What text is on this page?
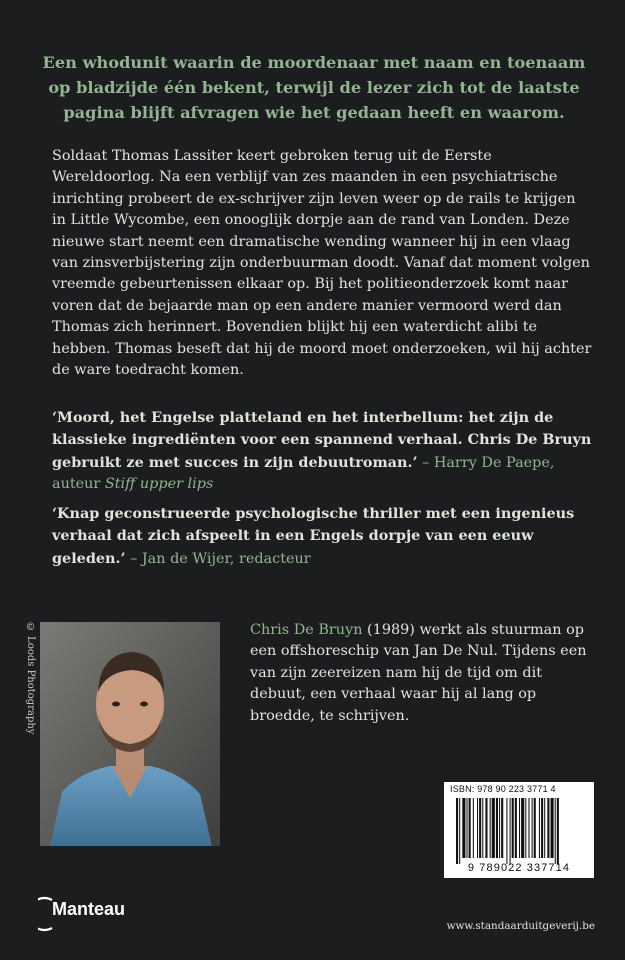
Een whodunit waarin de moordenaar met naam en toenaam op bladzijde één bekent, terwijl de lezer zich tot de laatste pagina blijft afvragen wie het gedaan heeft en waarom.
Soldaat Thomas Lassiter keert gebroken terug uit de Eerste Wereldoorlog. Na een verblijf van zes maanden in een psychiatrische inrichting probeert de ex-schrijver zijn leven weer op de rails te krijgen in Little Wycombe, een onooglijk dorpje aan de rand van Londen. Deze nieuwe start neemt een dramatische wending wanneer hij in een vlaag van zinsverbijstering zijn onderbuurman doodt. Vanaf dat moment volgen vreemde gebeurtenissen elkaar op. Bij het politieonderzoek komt naar voren dat de bejaarde man op een andere manier vermoord werd dan Thomas zich herinnert. Bovendien blijkt hij een waterdicht alibi te hebben. Thomas beseft dat hij de moord moet onderzoeken, wil hij achter de ware toedracht komen.
‘Moord, het Engelse platteland en het interbellum: het zijn de klassieke ingrediënten voor een spannend verhaal. Chris De Bruyn gebruikt ze met succes in zijn debuutroman.’ – Harry De Paepe, auteur Stiff upper lips
‘Knap geconstrueerde psychologische thriller met een ingenieus verhaal dat zich afspeelt in een Engels dorpje van een eeuw geleden.’ – Jan de Wijer, redacteur
© Loods Photography	Chris De Bruyn (1989) werkt als stuurman op een offshoreschip van Jan De Nul. Tijdens een van zijn zeereizen nam hij de tijd om dit debuut, een verhaal waar hij al lang op broedde, te schrijven.
ISBN: 978 90 223 3771 4
9 789022 337714
Manteau
www.standaarduitgeverij.be
